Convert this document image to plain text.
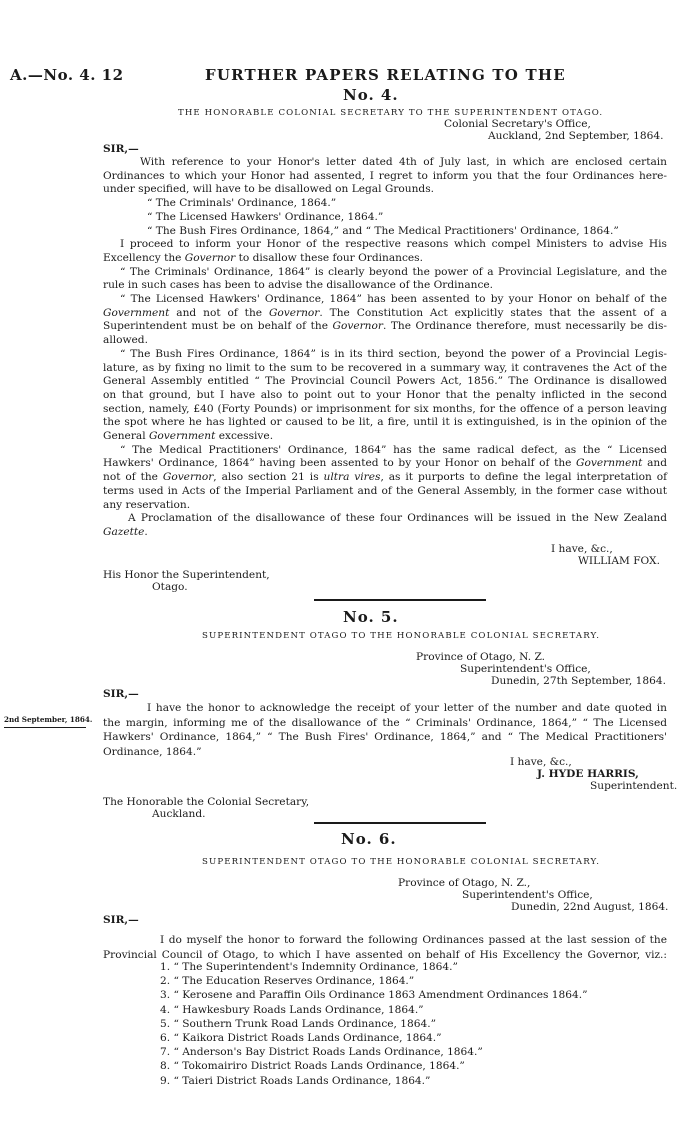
A.—No. 4. 12	FURTHER PAPERS RELATING TO THE
No. 4.
THE HONORABLE COLONIAL SECRETARY TO THE SUPERINTENDENT OTAGO.
Colonial Secretary's Office,
Auckland, 2nd September, 1864.
SIR,—
With reference to your Honor's letter dated 4th of July last, in which are enclosed certain
Ordinances to which your Honor had assented, I regret to inform you that the four Ordinances here-
under specified, will have to be disallowed on Legal Grounds.
“ The Criminals' Ordinance, 1864.”
“ The Licensed Hawkers' Ordinance, 1864.”
“ The Bush Fires Ordinance, 1864,” and “ The Medical Practitioners' Ordinance, 1864.”
I proceed to inform your Honor of the respective reasons which compel Ministers to advise His
Excellency the Governor to disallow these four Ordinances.
“ The Criminals' Ordinance, 1864” is clearly beyond the power of a Provincial Legislature, and the
rule in such cases has been to advise the disallowance of the Ordinance.
“ The Licensed Hawkers' Ordinance, 1864” has been assented to by your Honor on behalf of the
Government and not of the Governor. The Constitution Act explicitly states that the assent of a
Superintendent must be on behalf of the Governor. The Ordinance therefore, must necessarily be dis-
allowed.
“ The Bush Fires Ordinance, 1864” is in its third section, beyond the power of a Provincial Legis-
lature, as by fixing no limit to the sum to be recovered in a summary way, it contravenes the Act of the
General Assembly entitled “ The Provincial Council Powers Act, 1856.” The Ordinance is disallowed
on that ground, but I have also to point out to your Honor that the penalty inflicted in the second
section, namely, £40 (Forty Pounds) or imprisonment for six months, for the offence of a person leaving
the spot where he has lighted or caused to be lit, a fire, until it is extinguished, is in the opinion of the
General Government excessive.
“ The Medical Practitioners' Ordinance, 1864” has the same radical defect, as the “ Licensed
Hawkers' Ordinance, 1864” having been assented to by your Honor on behalf of the Government and
not of the Governor, also section 21 is ultra vires, as it purports to define the legal interpretation of
terms used in Acts of the Imperial Parliament and of the General Assembly, in the former case without
any reservation.
A Proclamation of the disallowance of these four Ordinances will be issued in the New Zealand
Gazette.
I have, &c.,
WILLIAM FOX.
His Honor the Superintendent,
Otago.
No. 5.
SUPERINTENDENT OTAGO TO THE HONORABLE COLONIAL SECRETARY.
Province of Otago, N. Z.
Superintendent's Office,
Dunedin, 27th September, 1864.
SIR,—
2nd September, 1864.
I have the honor to acknowledge the receipt of your letter of the number and date quoted in
the margin, informing me of the disallowance of the “ Criminals' Ordinance, 1864,” “ The Licensed
Hawkers' Ordinance, 1864,” “ The Bush Fires' Ordinance, 1864,” and “ The Medical Practitioners'
Ordinance, 1864.”
I have, &c.,
J. HYDE HARRIS,
Superintendent.
The Honorable the Colonial Secretary,
Auckland.
No. 6.
SUPERINTENDENT OTAGO TO THE HONORABLE COLONIAL SECRETARY.
Province of Otago, N. Z.,
Superintendent's Office,
Dunedin, 22nd August, 1864.
SIR,—
I do myself the honor to forward the following Ordinances passed at the last session of the
Provincial Council of Otago, to which I have assented on behalf of His Excellency the Governor, viz.:
1. “ The Superintendent's Indemnity Ordinance, 1864.”
2. “ The Education Reserves Ordinance, 1864.”
3. “ Kerosene and Paraffin Oils Ordinance 1863 Amendment Ordinances 1864.”
4. “ Hawkesbury Roads Lands Ordinance, 1864.”
5. “ Southern Trunk Road Lands Ordinance, 1864.”
6. “ Kaikora District Roads Lands Ordinance, 1864.”
7. “ Anderson's Bay District Roads Lands Ordinance, 1864.”
8. “ Tokomairiro District Roads Lands Ordinance, 1864.”
9. “ Taieri District Roads Lands Ordinance, 1864.”
